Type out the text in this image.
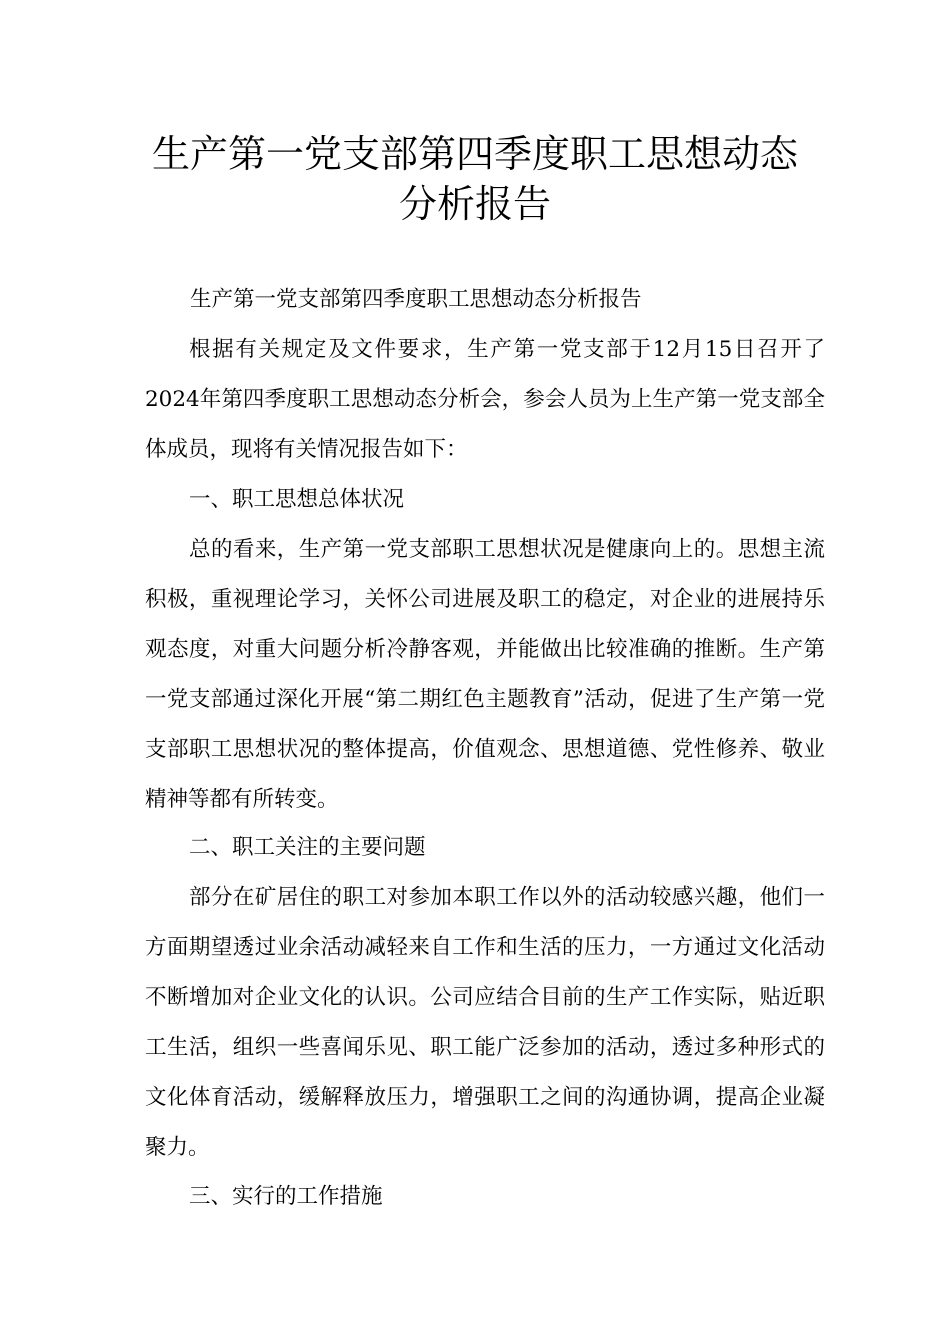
生产第一党支部第四季度职工思想动态
分析报告

生产第一党支部第四季度职工思想动态分析报告

根据有关规定及文件要求，生产第一党支部于12月15日召开了2024年第四季度职工思想动态分析会，参会人员为上生产第一党支部全体成员，现将有关情况报告如下：

一、职工思想总体状况

总的看来，生产第一党支部职工思想状况是健康向上的。思想主流积极，重视理论学习，关怀公司进展及职工的稳定，对企业的进展持乐观态度，对重大问题分析冷静客观，并能做出比较准确的推断。生产第一党支部通过深化开展“第二期红色主题教育”活动，促进了生产第一党支部职工思想状况的整体提高，价值观念、思想道德、党性修养、敬业精神等都有所转变。

二、职工关注的主要问题

部分在矿居住的职工对参加本职工作以外的活动较感兴趣，他们一方面期望透过业余活动减轻来自工作和生活的压力，一方通过文化活动不断增加对企业文化的认识。公司应结合目前的生产工作实际，贴近职工生活，组织一些喜闻乐见、职工能广泛参加的活动，透过多种形式的文化体育活动，缓解释放压力，增强职工之间的沟通协调，提高企业凝聚力。

三、实行的工作措施
